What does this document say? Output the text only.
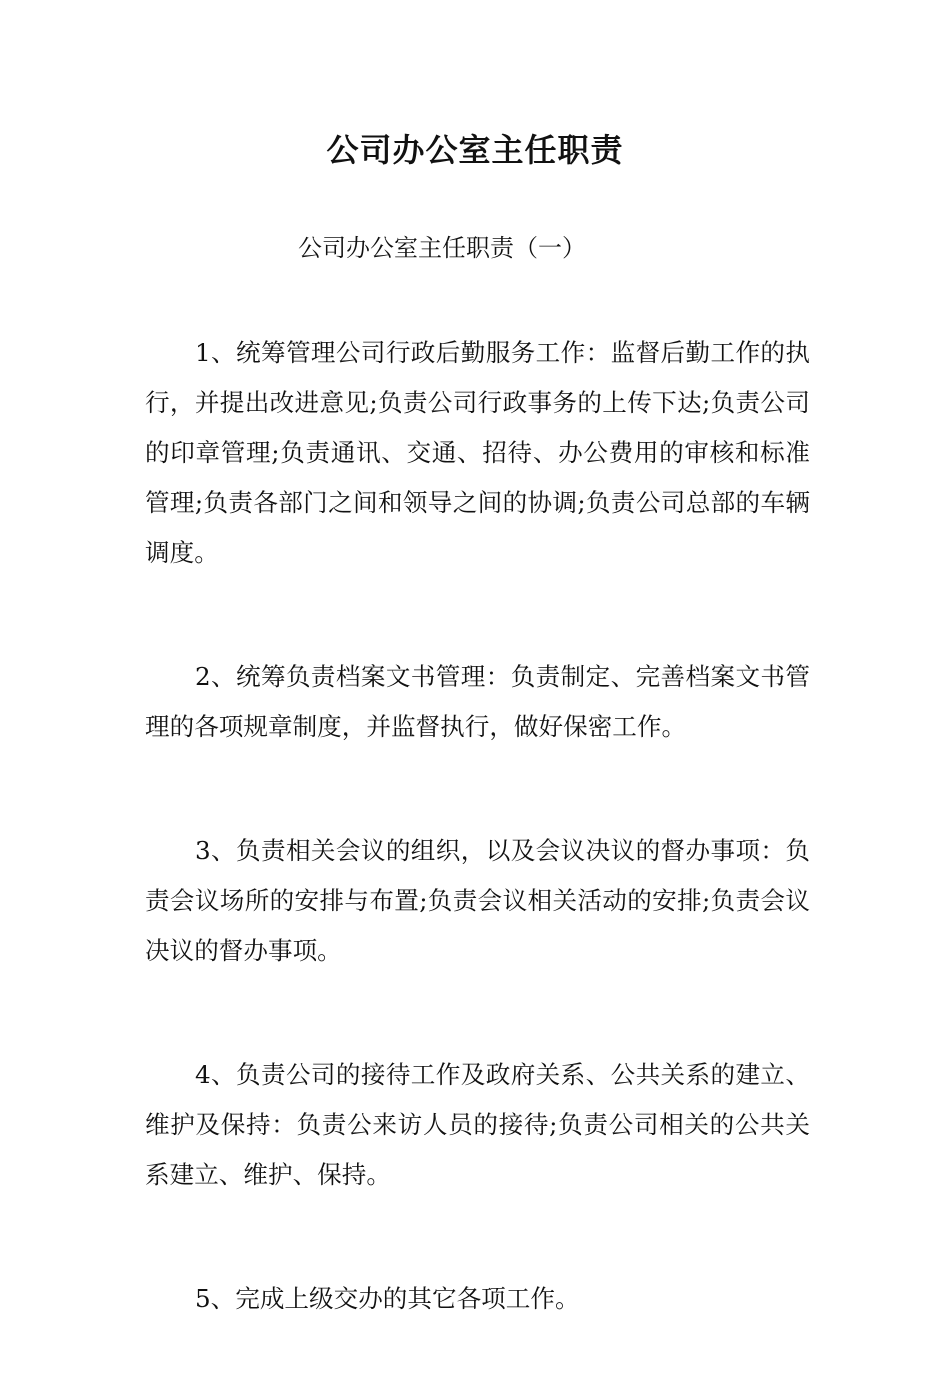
公司办公室主任职责
公司办公室主任职责（一）

1、统筹管理公司行政后勤服务工作：监督后勤工作的执行，并提出改进意见;负责公司行政事务的上传下达;负责公司的印章管理;负责通讯、交通、招待、办公费用的审核和标准管理;负责各部门之间和领导之间的协调;负责公司总部的车辆调度。

2、统筹负责档案文书管理：负责制定、完善档案文书管理的各项规章制度，并监督执行，做好保密工作。

3、负责相关会议的组织，以及会议决议的督办事项：负责会议场所的安排与布置;负责会议相关活动的安排;负责会议决议的督办事项。

4、负责公司的接待工作及政府关系、公共关系的建立、维护及保持：负责公来访人员的接待;负责公司相关的公共关系建立、维护、保持。

5、完成上级交办的其它各项工作。
